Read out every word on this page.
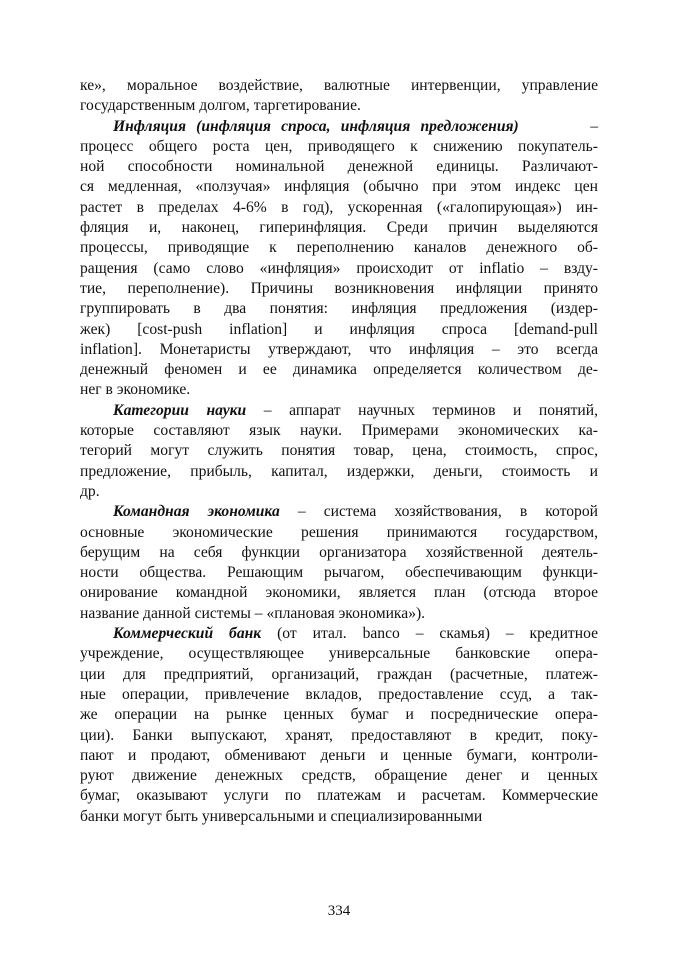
ке», моральное воздействие, валютные интервенции, управление
государственным долгом, таргетирование.
Инфляция (инфляция спроса, инфляция предложения)       –
процесс общего роста цен, приводящего к снижению покупатель-
ной способности номинальной денежной единицы. Различают-
ся медленная, «ползучая» инфляция (обычно при этом индекс цен
растет в пределах 4-6% в год), ускоренная («галопирующая») ин-
фляция и, наконец, гиперинфляция. Среди причин выделяются
процессы, приводящие к переполнению каналов денежного об-
ращения (само слово «инфляция» происходит от inflatio – взду-
тие, переполнение). Причины возникновения инфляции принято
группировать в два понятия: инфляция предложения (издер-
жек) [cost-push inflation] и инфляция спроса [demand-pull
inflation]. Монетаристы утверждают, что инфляция – это всегда
денежный феномен и ее динамика определяется количеством де-
нег в экономике.
Категории науки – аппарат научных терминов и понятий,
которые составляют язык науки. Примерами экономических ка-
тегорий могут служить понятия товар, цена, стоимость, спрос,
предложение, прибыль, капитал, издержки, деньги, стоимость и
др.
Командная экономика – система хозяйствования, в которой
основные экономические решения принимаются государством,
берущим на себя функции организатора хозяйственной деятель-
ности общества. Решающим рычагом, обеспечивающим функци-
онирование командной экономики, является план (отсюда второе
название данной системы – «плановая экономика»).
Коммерческий банк (от итал. banco – скамья) – кредитное
учреждение, осуществляющее универсальные банковские опера-
ции для предприятий, организаций, граждан (расчетные, платеж-
ные операции, привлечение вкладов, предоставление ссуд, а так-
же операции на рынке ценных бумаг и посреднические опера-
ции). Банки выпускают, хранят, предоставляют в кредит, поку-
пают и продают, обменивают деньги и ценные бумаги, контроли-
руют движение денежных средств, обращение денег и ценных
бумаг, оказывают услуги по платежам и расчетам. Коммерческие
банки могут быть универсальными и специализированными
334
